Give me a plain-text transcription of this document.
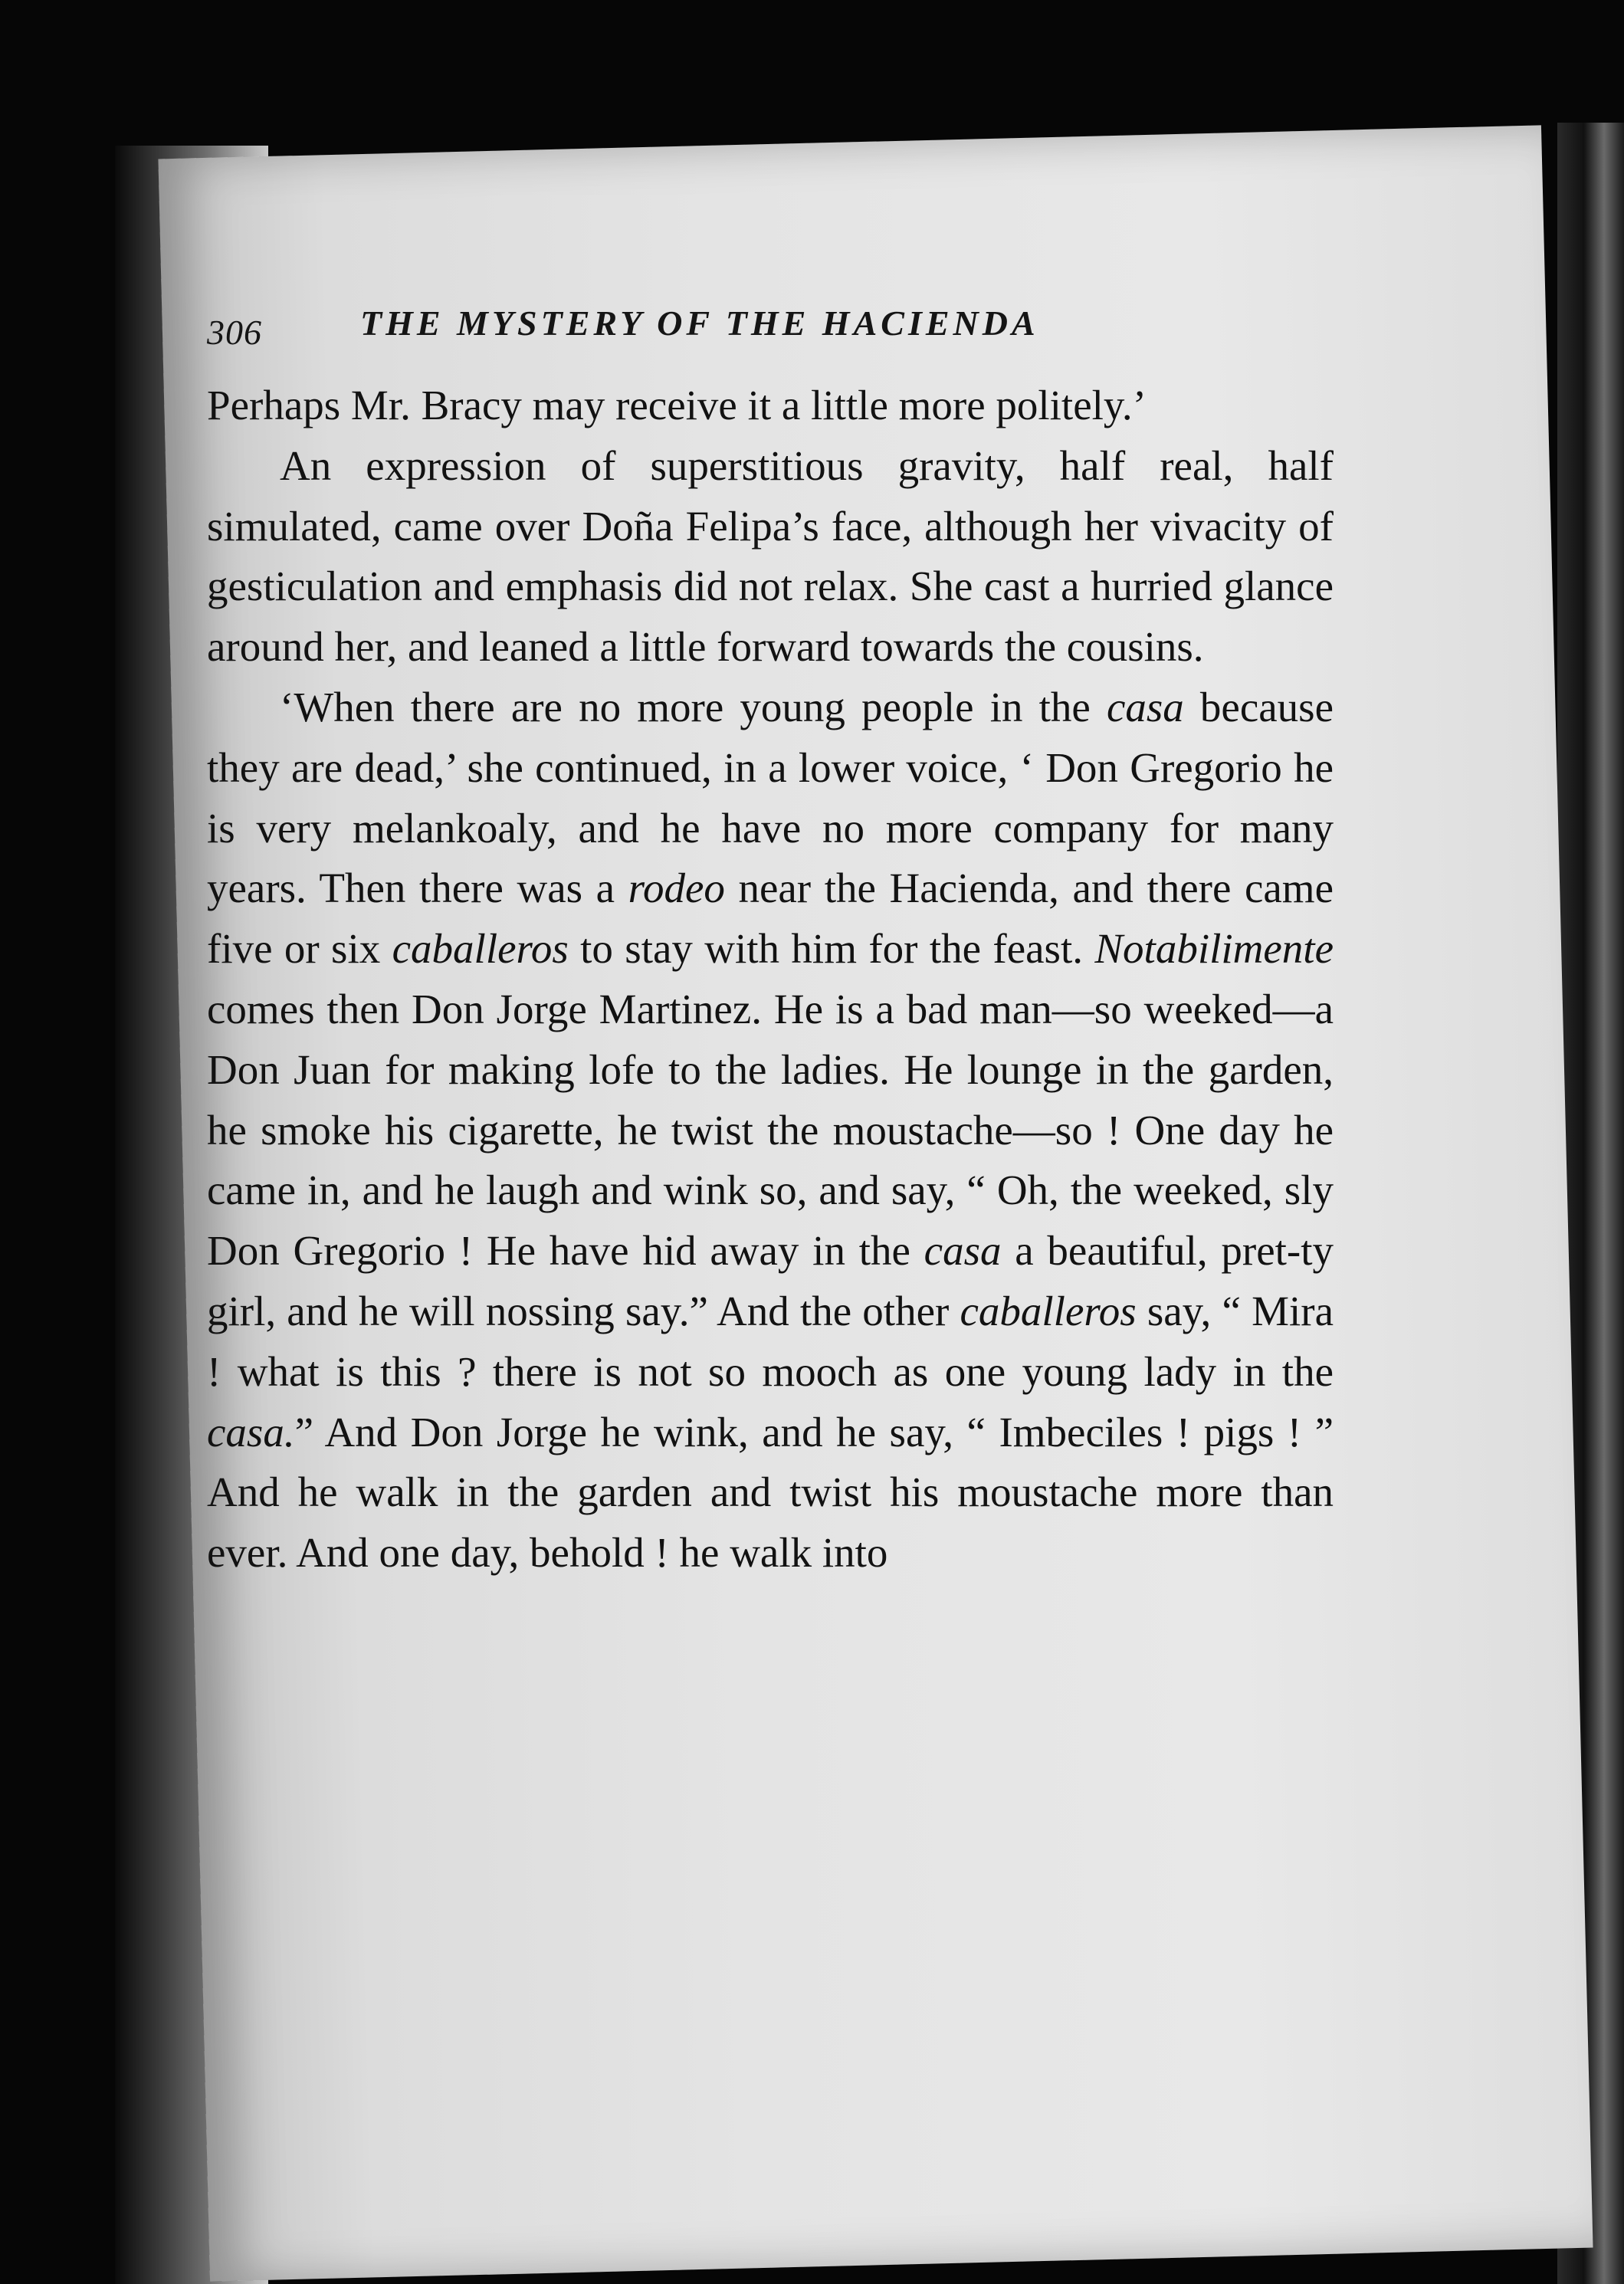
306	THE MYSTERY OF THE HACIENDA

Perhaps Mr. Bracy may receive it a little more politely.’

An expression of superstitious gravity, half real, half simulated, came over Doña Felipa’s face, although her vivacity of gesticulation and emphasis did not relax. She cast a hurried glance around her, and leaned a little forward towards the cousins.

‘When there are no more young people in the casa because they are dead,’ she continued, in a lower voice, ‘ Don Gregorio he is very melankoaly, and he have no more company for many years. Then there was a rodeo near the Hacienda, and there came five or six caballeros to stay with him for the feast. Notabilimente comes then Don Jorge Martinez. He is a bad man—so weeked—a Don Juan for making lofe to the ladies. He lounge in the garden, he smoke his cigarette, he twist the moustache—so ! One day he came in, and he laugh and wink so, and say, “ Oh, the weeked, sly Don Gregorio ! He have hid away in the casa a beautiful, pret-ty girl, and he will nossing say.” And the other caballeros say, “ Mira ! what is this ? there is not so mooch as one young lady in the casa.” And Don Jorge he wink, and he say, “ Imbeciles ! pigs ! ” And he walk in the garden and twist his moustache more than ever. And one day, behold ! he walk into
